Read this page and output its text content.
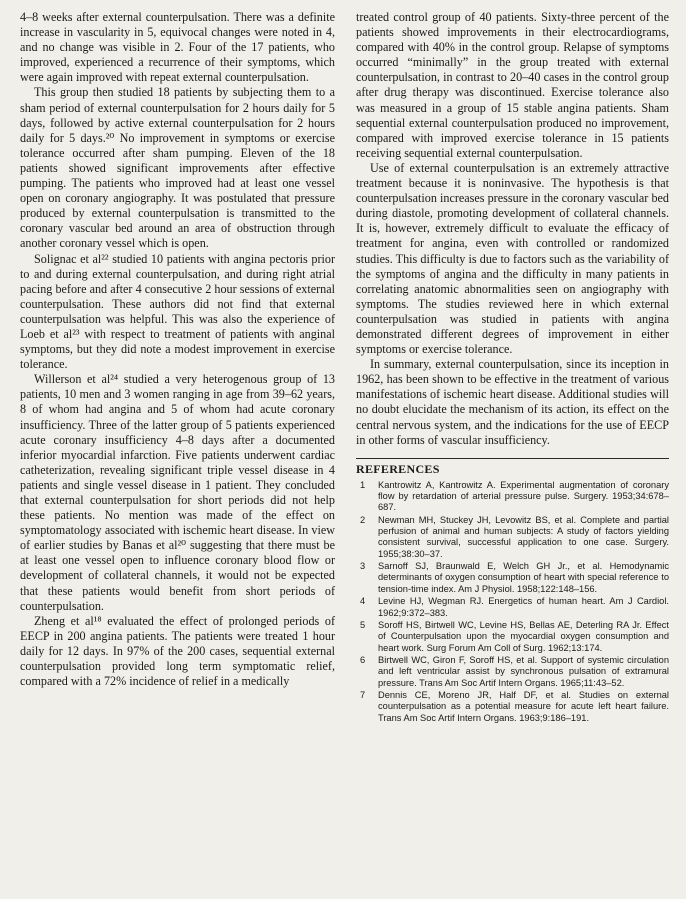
4–8 weeks after external counterpulsation. There was a definite increase in vascularity in 5, equivocal changes were noted in 4, and no change was visible in 2. Four of the 17 patients, who improved, experienced a recurrence of their symptoms, which were again improved with repeat external counterpulsation.

This group then studied 18 patients by subjecting them to a sham period of external counterpulsation for 2 hours daily for 5 days, followed by active external counterpulsation for 2 hours daily for 5 days.²⁰ No improvement in symptoms or exercise tolerance occurred after sham pumping. Eleven of the 18 patients showed significant improvements after effective pumping. The patients who improved had at least one vessel open on coronary angiography. It was postulated that pressure produced by external counterpulsation is transmitted to the coronary vascular bed around an area of obstruction through another coronary vessel which is open.

Solignac et al²² studied 10 patients with angina pectoris prior to and during external counterpulsation, and during right atrial pacing before and after 4 consecutive 2 hour sessions of external counterpulsation. These authors did not find that external counterpulsation was helpful. This was also the experience of Loeb et al²³ with respect to treatment of patients with anginal symptoms, but they did note a modest improvement in exercise tolerance.

Willerson et al²⁴ studied a very heterogenous group of 13 patients, 10 men and 3 women ranging in age from 39–62 years, 8 of whom had angina and 5 of whom had acute coronary insufficiency. Three of the latter group of 5 patients experienced acute coronary insufficiency 4–8 days after a documented inferior myocardial infarction. Five patients underwent cardiac catheterization, revealing significant triple vessel disease in 4 patients and single vessel disease in 1 patient. They concluded that external counterpulsation for short periods did not help these patients. No mention was made of the effect on symptomatology associated with ischemic heart disease. In view of earlier studies by Banas et al²⁰ suggesting that there must be at least one vessel open to influence coronary blood flow or development of collateral channels, it would not be expected that these patients would benefit from short periods of counterpulsation.

Zheng et al¹⁸ evaluated the effect of prolonged periods of EECP in 200 angina patients. The patients were treated 1 hour daily for 12 days. In 97% of the 200 cases, sequential external counterpulsation provided long term symptomatic relief, compared with a 72% incidence of relief in a medically

treated control group of 40 patients. Sixty-three percent of the patients showed improvements in their electrocardiograms, compared with 40% in the control group. Relapse of symptoms occurred “minimally” in the group treated with external counterpulsation, in contrast to 20–40 cases in the control group after drug therapy was discontinued. Exercise tolerance also was measured in a group of 15 stable angina patients. Sham sequential external counterpulsation produced no improvement, compared with improved exercise tolerance in 15 patients receiving sequential external counterpulsation.

Use of external counterpulsation is an extremely attractive treatment because it is noninvasive. The hypothesis is that counterpulsation increases pressure in the coronary vascular bed during diastole, promoting development of collateral channels. It is, however, extremely difficult to evaluate the efficacy of treatment for angina, even with controlled or randomized studies. This difficulty is due to factors such as the variability of the symptoms of angina and the difficulty in many patients in correlating anatomic abnormalities seen on angiography with symptoms. The studies reviewed here in which external counterpulsation was studied in patients with angina demonstrated different degrees of improvement in either symptoms or exercise tolerance.

In summary, external counterpulsation, since its inception in 1962, has been shown to be effective in the treatment of various manifestations of ischemic heart disease. Additional studies will no doubt elucidate the mechanism of its action, its effect on the central nervous system, and the indications for the use of EECP in other forms of vascular insufficiency.

REFERENCES
1	Kantrowitz A, Kantrowitz A. Experimental augmentation of coronary flow by retardation of arterial pressure pulse. Surgery. 1953;34:678–687.
2	Newman MH, Stuckey JH, Levowitz BS, et al. Complete and partial perfusion of animal and human subjects: A study of factors yielding consistent survival, successful application to one case. Surgery. 1955;38:30–37.
3	Sarnoff SJ, Braunwald E, Welch GH Jr., et al. Hemodynamic determinants of oxygen consumption of heart with special reference to tension-time index. Am J Physiol. 1958;122:148–156.
4	Levine HJ, Wegman RJ. Energetics of human heart. Am J Cardiol. 1962;9:372–383.
5	Soroff HS, Birtwell WC, Levine HS, Bellas AE, Deterling RA Jr. Effect of Counterpulsation upon the myocardial oxygen consumption and heart work. Surg Forum Am Coll of Surg. 1962;13:174.
6	Birtwell WC, Giron F, Soroff HS, et al. Support of systemic circulation and left ventricular assist by synchronous pulsation of extramural pressure. Trans Am Soc Artif Intern Organs. 1965;11:43–52.
7	Dennis CE, Moreno JR, Half DF, et al. Studies on external counterpulsation as a potential measure for acute left heart failure. Trans Am Soc Artif Intern Organs. 1963;9:186–191.
